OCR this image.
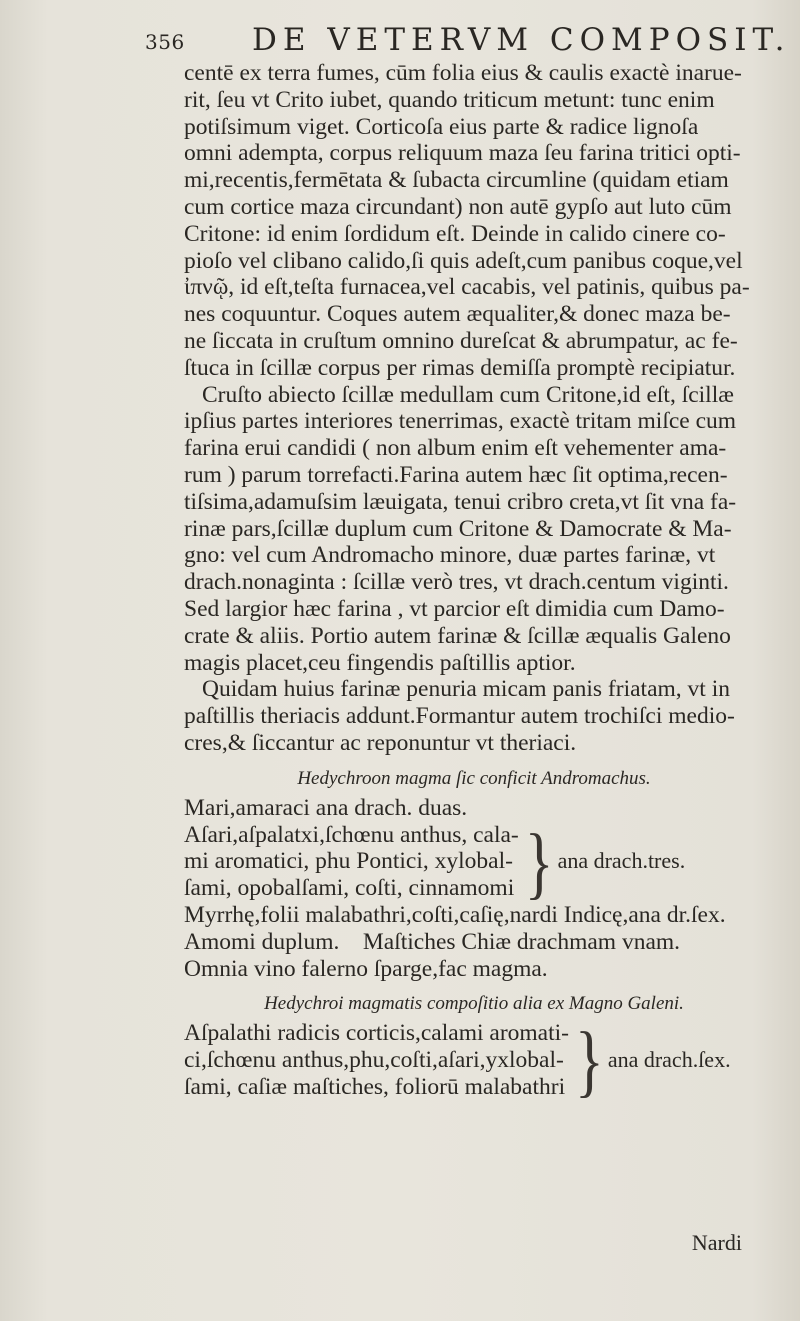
356 DE VETERVM COMPOSIT.

centē ex terra fumes, cūm folia eius & caulis exactè inarue-
rit, ſeu vt Crito iubet, quando triticum metunt: tunc enim
potiſsimum viget. Corticoſa eius parte & radice lignoſa
omni adempta, corpus reliquum maza ſeu farina tritici opti-
mi,recentis,fermētata & ſubacta circumline (quidam etiam
cum cortice maza circundant) non autē gypſo aut luto cūm
Critone: id enim ſordidum eſt. Deinde in calido cinere co-
pioſo vel clibano calido,ſi quis adeſt,cum panibus coque,vel
ἰπνῷ, id eſt,teſta furnacea,vel cacabis, vel patinis, quibus pa-
nes coquuntur. Coques autem æqualiter,& donec maza be-
ne ſiccata in cruſtum omnino dureſcat & abrumpatur, ac fe-
ſtuca in ſcillæ corpus per rimas demiſſa promptè recipiatur.

Cruſto abiecto ſcillæ medullam cum Critone,id eſt, ſcillæ
ipſius partes interiores tenerrimas, exactè tritam miſce cum
farina erui candidi ( non album enim eſt vehementer ama-
rum ) parum torrefacti.Farina autem hæc ſit optima,recen-
tiſsima,adamuſsim læuigata, tenui cribro creta,vt ſit vna fa-
rinæ pars,ſcillæ duplum cum Critone & Damocrate & Ma-
gno: vel cum Andromacho minore, duæ partes farinæ, vt
drach.nonaginta : ſcillæ verò tres, vt drach.centum viginti.
Sed largior hæc farina , vt parcior eſt dimidia cum Damo-
crate & aliis. Portio autem farinæ & ſcillæ æqualis Galeno
magis placet,ceu fingendis paſtillis aptior.

Quidam huius farinæ penuria micam panis friatam, vt in
paſtillis theriacis addunt.Formantur autem trochiſci medio-
cres,& ſiccantur ac reponuntur vt theriaci.

Hedychroon magma ſic conficit Andromachus.
Mari,amaraci ana drach. duas.
Aſari,aſpalatxi,ſchœnu anthus, cala-
mi aromatici, phu Pontici, xylobal-
ſami, opobalſami, coſti, cinnamomi } ana drach.tres.
Myrrhę,folii malabathri,coſti,caſię,nardi Indicę,ana dr.ſex.
Amomi duplum.    Maſtiches Chiæ drachmam vnam.
Omnia vino falerno ſparge,fac magma.
Hedychroi magmatis compoſitio alia ex Magno Galeni.
Aſpalathi radicis corticis,calami aromati-
ci,ſchœnu anthus,phu,coſti,aſari,yxlobal-
ſami, caſiæ maſtiches, foliorū malabathri } ana drach.ſex.
Nardi
